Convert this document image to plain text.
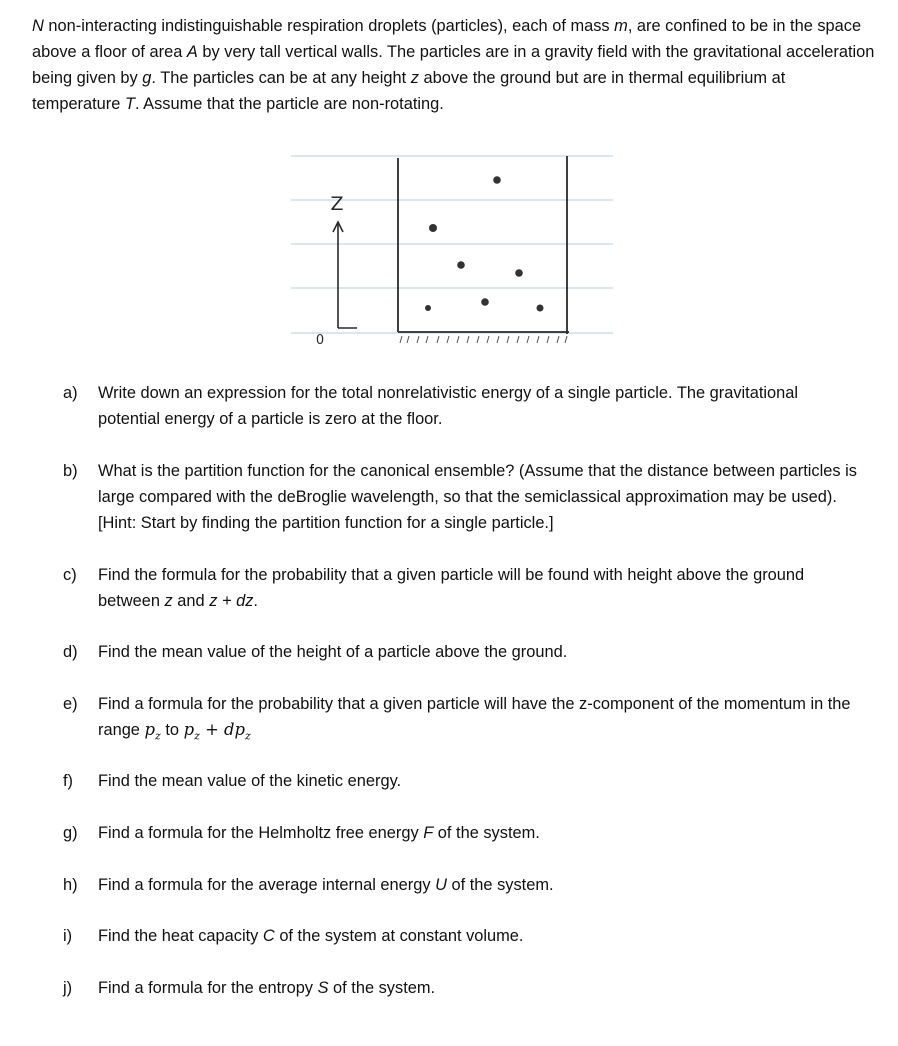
N non-interacting indistinguishable respiration droplets (particles), each of mass m, are confined to be in the space above a floor of area A by very tall vertical walls. The particles are in a gravity field with the gravitational acceleration being given by g. The particles can be at any height z above the ground but are in thermal equilibrium at temperature T. Assume that the particle are non-rotating.

Z
0
a) Write down an expression for the total nonrelativistic energy of a single particle. The gravitational potential energy of a particle is zero at the floor.
b) What is the partition function for the canonical ensemble? (Assume that the distance between particles is large compared with the deBroglie wavelength, so that the semiclassical approximation may be used). [Hint: Start by finding the partition function for a single particle.]
c) Find the formula for the probability that a given particle will be found with height above the ground between z and z + dz.
d) Find the mean value of the height of a particle above the ground.
e) Find a formula for the probability that a given particle will have the z-component of the momentum in the range $p_z$ to $p_z + dp_z$
f) Find the mean value of the kinetic energy.
g) Find a formula for the Helmholtz free energy F of the system.
h) Find a formula for the average internal energy U of the system.
i) Find the heat capacity C of the system at constant volume.
j) Find a formula for the entropy S of the system.
